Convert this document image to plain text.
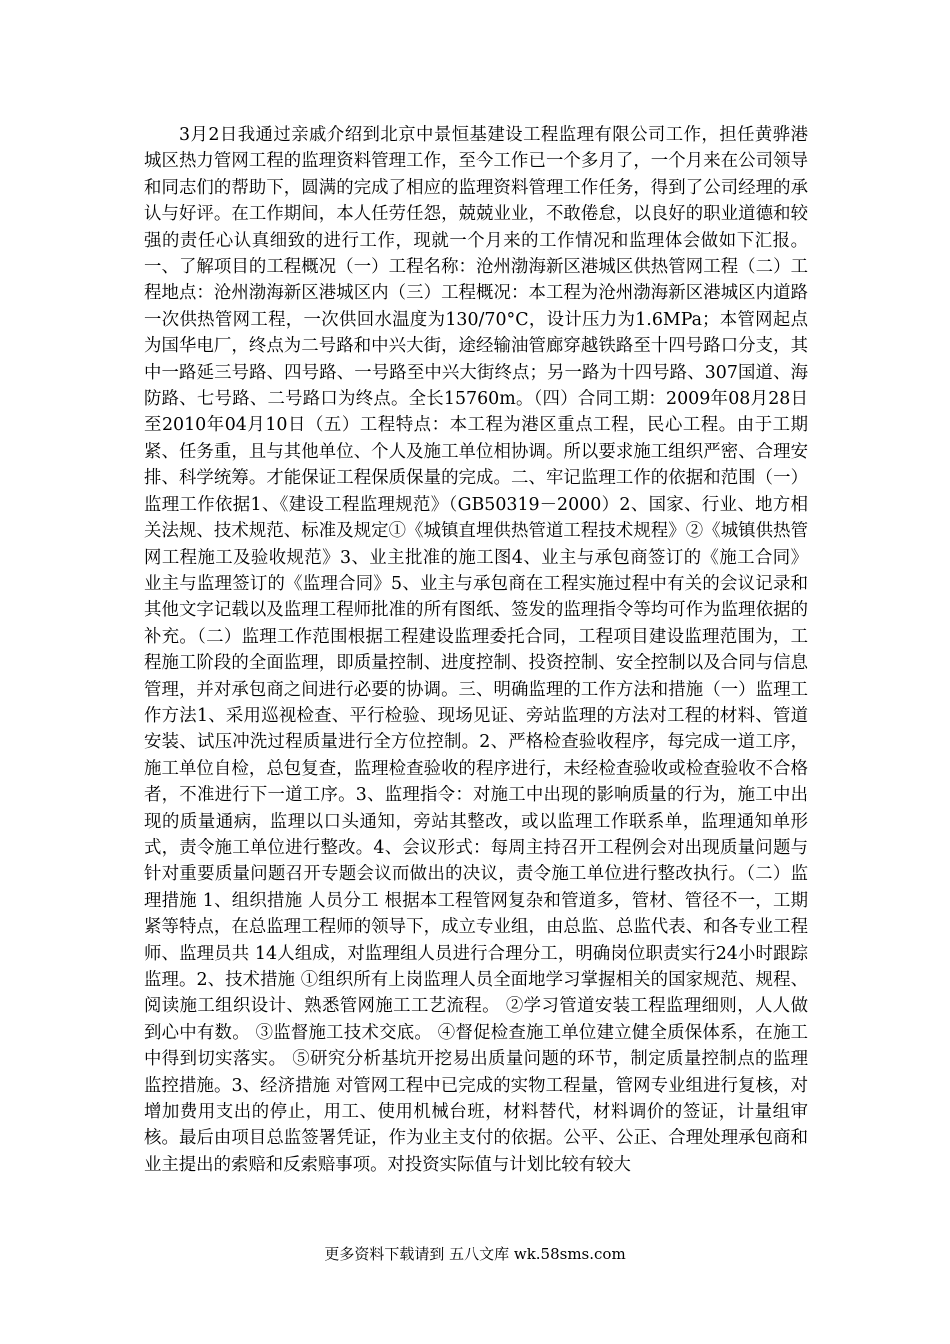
3月2日我通过亲戚介绍到北京中景恒基建设工程监理有限公司工作，担任黄骅港城区热力管网工程的监理资料管理工作，至今工作已一个多月了，一个月来在公司领导和同志们的帮助下，圆满的完成了相应的监理资料管理工作任务，得到了公司经理的承认与好评。在工作期间，本人任劳任怨，兢兢业业，不敢倦怠，以良好的职业道德和较强的责任心认真细致的进行工作，现就一个月来的工作情况和监理体会做如下汇报。一、了解项目的工程概况（一）工程名称：沧州渤海新区港城区供热管网工程（二）工程地点：沧州渤海新区港城区内（三）工程概况：本工程为沧州渤海新区港城区内道路一次供热管网工程，一次供回水温度为130/70°C，设计压力为1.6MPa；本管网起点为国华电厂，终点为二号路和中兴大街，途经输油管廊穿越铁路至十四号路口分支，其中一路延三号路、四号路、一号路至中兴大街终点；另一路为十四号路、307国道、海防路、七号路、二号路口为终点。全长15760m。（四）合同工期：2009年08月28日至2010年04月10日（五）工程特点：本工程为港区重点工程，民心工程。由于工期紧、任务重，且与其他单位、个人及施工单位相协调。所以要求施工组织严密、合理安排、科学统筹。才能保证工程保质保量的完成。二、牢记监理工作的依据和范围（一）监理工作依据1、《建设工程监理规范》（GB50319－2000）2、国家、行业、地方相关法规、技术规范、标准及规定①《城镇直埋供热管道工程技术规程》②《城镇供热管网工程施工及验收规范》3、业主批准的施工图4、业主与承包商签订的《施工合同》业主与监理签订的《监理合同》5、业主与承包商在工程实施过程中有关的会议记录和其他文字记载以及监理工程师批准的所有图纸、签发的监理指令等均可作为监理依据的补充。（二）监理工作范围根据工程建设监理委托合同，工程项目建设监理范围为，工程施工阶段的全面监理，即质量控制、进度控制、投资控制、安全控制以及合同与信息管理，并对承包商之间进行必要的协调。三、明确监理的工作方法和措施（一）监理工作方法1、采用巡视检查、平行检验、现场见证、旁站监理的方法对工程的材料、管道安装、试压冲洗过程质量进行全方位控制。2、严格检查验收程序，每完成一道工序，施工单位自检，总包复查，监理检查验收的程序进行，未经检查验收或检查验收不合格者，不准进行下一道工序。3、监理指令：对施工中出现的影响质量的行为，施工中出现的质量通病，监理以口头通知，旁站其整改，或以监理工作联系单，监理通知单形式，责令施工单位进行整改。4、会议形式：每周主持召开工程例会对出现质量问题与针对重要质量问题召开专题会议而做出的决议，责令施工单位进行整改执行。（二）监理措施 1、组织措施 人员分工 根据本工程管网复杂和管道多，管材、管径不一，工期紧等特点，在总监理工程师的领导下，成立专业组，由总监、总监代表、和各专业工程师、监理员共 14人组成，对监理组人员进行合理分工，明确岗位职责实行24小时跟踪监理。2、技术措施 ①组织所有上岗监理人员全面地学习掌握相关的国家规范、规程、阅读施工组织设计、熟悉管网施工工艺流程。 ②学习管道安装工程监理细则，人人做到心中有数。 ③监督施工技术交底。 ④督促检查施工单位建立健全质保体系，在施工中得到切实落实。 ⑤研究分析基坑开挖易出质量问题的环节，制定质量控制点的监理监控措施。3、经济措施 对管网工程中已完成的实物工程量，管网专业组进行复核，对增加费用支出的停止，用工、使用机械台班，材料替代，材料调价的签证，计量组审核。最后由项目总监签署凭证，作为业主支付的依据。公平、公正、合理处理承包商和业主提出的索赔和反索赔事项。对投资实际值与计划比较有较大

更多资料下载请到 五八文库 wk.58sms.com
